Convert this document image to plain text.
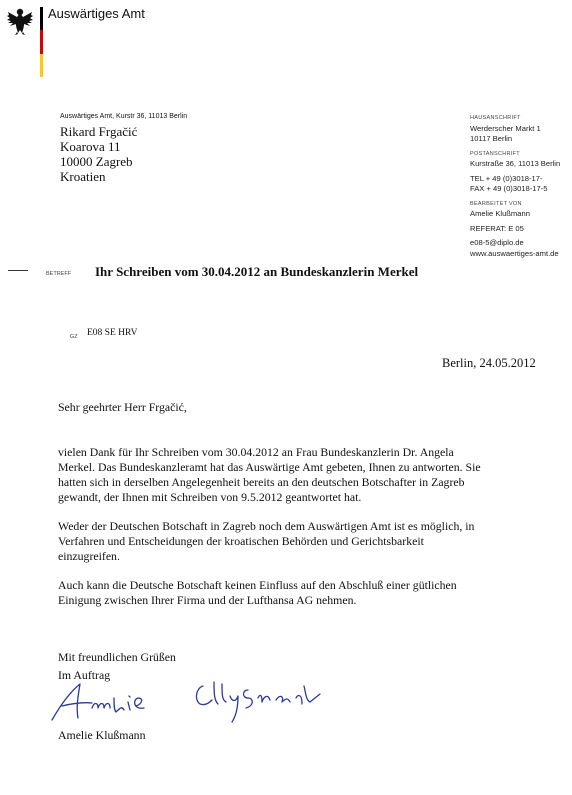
Auswärtiges Amt
Auswärtiges Amt, Kurstr 36, 11013 Berlin
Rikard Frgačić
Koarova 11
10000 Zagreb
Kroatien
HAUSANSCHRIFT
Werderscher Markt 1
10117 Berlin
POSTANSCHRIFT
Kurstraße 36, 11013 Berlin
TEL + 49 (0)3018-17-
FAX + 49 (0)3018-17-5
BEARBEITET VON
Amelie Klußmann
REFERAT: E 05
e08-5@diplo.de
www.auswaertiges-amt.de
BETREFF Ihr Schreiben vom 30.04.2012 an Bundeskanzlerin Merkel
GZ E08 SE HRV
Berlin, 24.05.2012

Sehr geehrter Herr Frgačić,

vielen Dank für Ihr Schreiben vom 30.04.2012 an Frau Bundeskanzlerin Dr. Angela

Merkel. Das Bundeskanzleramt hat das Auswärtige Amt gebeten, Ihnen zu antworten. Sie

hatten sich in derselben Angelegenheit bereits an den deutschen Botschafter in Zagreb

gewandt, der Ihnen mit Schreiben von 9.5.2012 geantwortet hat.

Weder der Deutschen Botschaft in Zagreb noch dem Auswärtigen Amt ist es möglich, in

Verfahren und Entscheidungen der kroatischen Behörden und Gerichtsbarkeit

einzugreifen.

Auch kann die Deutsche Botschaft keinen Einfluss auf den Abschluß einer gütlichen

Einigung zwischen Ihrer Firma und der Lufthansa AG nehmen.

Mit freundlichen Grüßen
Im Auftrag
Amelie Klußmann
